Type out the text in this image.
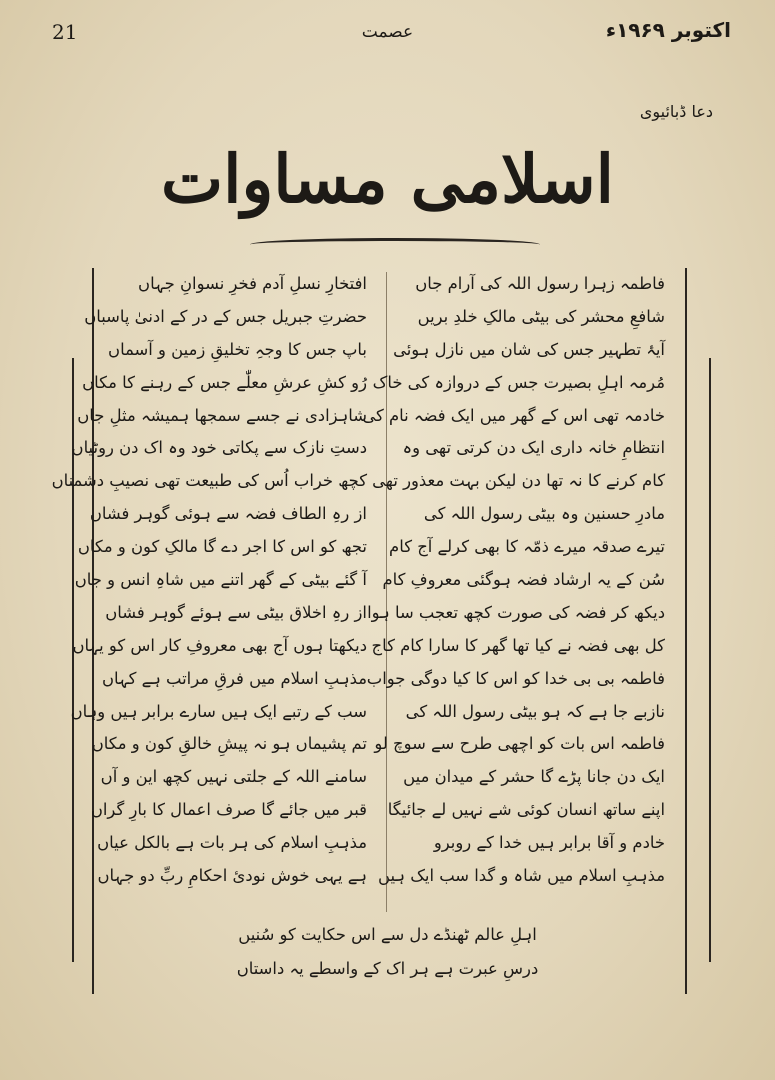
21	عصمت	اکتوبر ۱۹۶۹ء
دعا ڈبائیوی
اسلامی مساوات
فاطمہ زہرا رسول اللہ کی آرام جاں
شافعِ محشر کی بیٹی مالکِ خلدِ بریں
آیۂ تطہیر جس کی شان میں نازل ہوئی
مُرمہ اہلِ بصیرت جس کے دروازہ کی خاک
خادمہ تھی اس کے گھر میں ایک فضہ نام کی
انتظامِ خانہ داری ایک دن کرتی تھی وہ
کام کرنے کا نہ تھا دن لیکن بہت معذور تھی
مادرِ حسنین وہ بیٹی رسول اللہ کی
تیرے صدقہ میرے ذمّہ کا بھی کرلے آج کام
سُن کے یہ ارشاد فضہ ہوگئی معروفِ کام
دیکھ کر فضہ کی صورت کچھ تعجب سا ہوا
کل بھی فضہ نے کیا تھا گھر کا سارا کام کاج
فاطمہ بی بی خدا کو اس کا کیا دوگی جواب
نازبے جا ہے کہ ہو بیٹی رسول اللہ کی
فاطمہ اس بات کو اچھی طرح سے سوچ لو
ایک دن جانا پڑے گا حشر کے میدان میں
اپنے ساتھ انسان کوئی شے نہیں لے جائیگا
خادم و آقا برابر ہیں خدا کے روبرو
مذہبِ اسلام میں شاہ و گدا سب ایک ہیں
افتخارِ نسلِ آدم فخرِ نسوانِ جہاں
حضرتِ جبریل جس کے در کے ادنیٰ پاسباں
باپ جس کا وجہِ تخلیقِ زمین و آسماں
رُو کشِ عرشِ معلّٰے جس کے رہنے کا مکاں
شاہزادی نے جسے سمجھا ہمیشہ مثلِ جاں
دستِ نازک سے پکاتی خود وہ اک دن روٹیاں
کچھ خراب اُس کی طبیعت تھی نصیبِ دشمناں
از رہِ الطاف فضہ سے ہوئی گوہر فشاں
تجھ کو اس کا اجر دے گا مالکِ کون و مکاں
آ گئے بیٹی کے گھر اتنے میں شاہِ انس و جاں
از رہِ اخلاق بیٹی سے ہوئے گوہر فشاں
دیکھتا ہوں آج بھی معروفِ کار اس کو یہاں
مذہبِ اسلام میں فرقِ مراتب ہے کہاں
سب کے رتبے ایک ہیں سارے برابر ہیں وہاں
تم پشیماں ہو نہ پیشِ خالقِ کون و مکاں
سامنے اللہ کے جلتی نہیں کچھ این و آں
قبر میں جائے گا صرف اعمال کا بارِ گراں
مذہبِ اسلام کی ہر بات ہے بالکل عیاں
ہے یہی خوش نودیٔ احکامِ ربِّ دو جہاں
اہلِ عالم ٹھنڈے دل سے اس حکایت کو سُنیں
درسِ عبرت ہے ہر اک کے واسطے یہ داستاں
